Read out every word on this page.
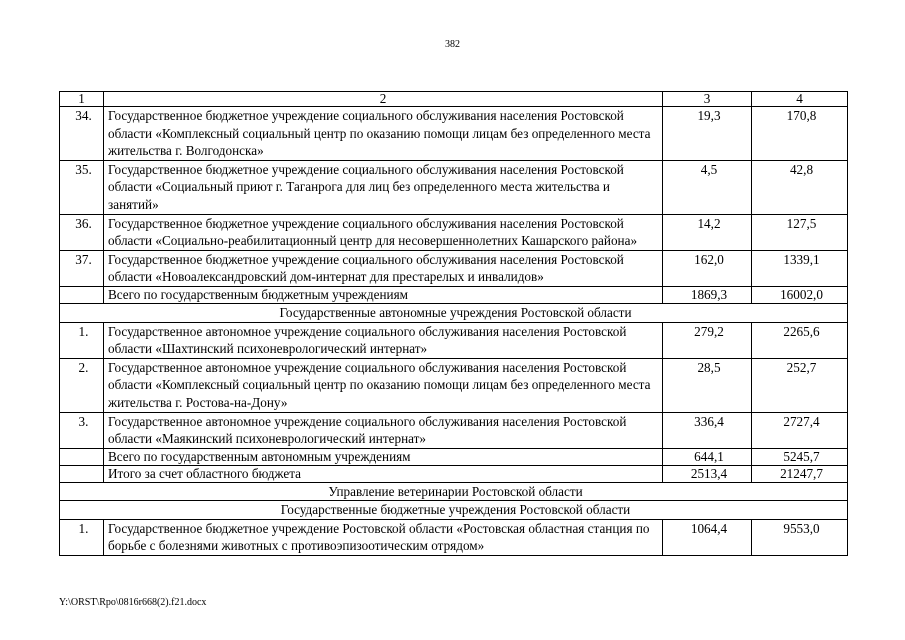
382
1	2	3	4
34.	Государственное бюджетное учреждение социального обслуживания населения Ростовской области «Комплексный социальный центр по оказанию помощи лицам без определенного места жительства г. Волгодонска»	19,3	170,8
35.	Государственное бюджетное учреждение социального обслуживания населения Ростовской области «Социальный приют г. Таганрога для лиц без определенного места жительства и занятий»	4,5	42,8
36.	Государственное бюджетное учреждение социального обслуживания населения Ростовской области «Социально-реабилитационный центр для несовершеннолетних Кашарского района»	14,2	127,5
37.	Государственное бюджетное учреждение социального обслуживания населения Ростовской области «Новоалександровский дом-интернат для престарелых и инвалидов»	162,0	1339,1
	Всего по государственным бюджетным учреждениям	1869,3	16002,0
Государственные автономные учреждения Ростовской области			
1.	Государственное автономное учреждение социального обслуживания населения Ростовской области «Шахтинский психоневрологический интернат»	279,2	2265,6
2.	Государственное автономное учреждение социального обслуживания населения Ростовской области «Комплексный социальный центр по оказанию помощи лицам без определенного места жительства г. Ростова-на-Дону»	28,5	252,7
3.	Государственное автономное учреждение социального обслуживания населения Ростовской области «Маякинский психоневрологический интернат»	336,4	2727,4
	Всего по государственным автономным учреждениям	644,1	5245,7
	Итого за счет областного бюджета	2513,4	21247,7
Управление ветеринарии Ростовской области			
Государственные бюджетные учреждения Ростовской области			
1.	Государственное бюджетное учреждение Ростовской области «Ростовская областная станция по борьбе с болезнями животных с противоэпизоотическим отрядом»	1064,4	9553,0
Y:\ORST\Rpo\0816r668(2).f21.docx
